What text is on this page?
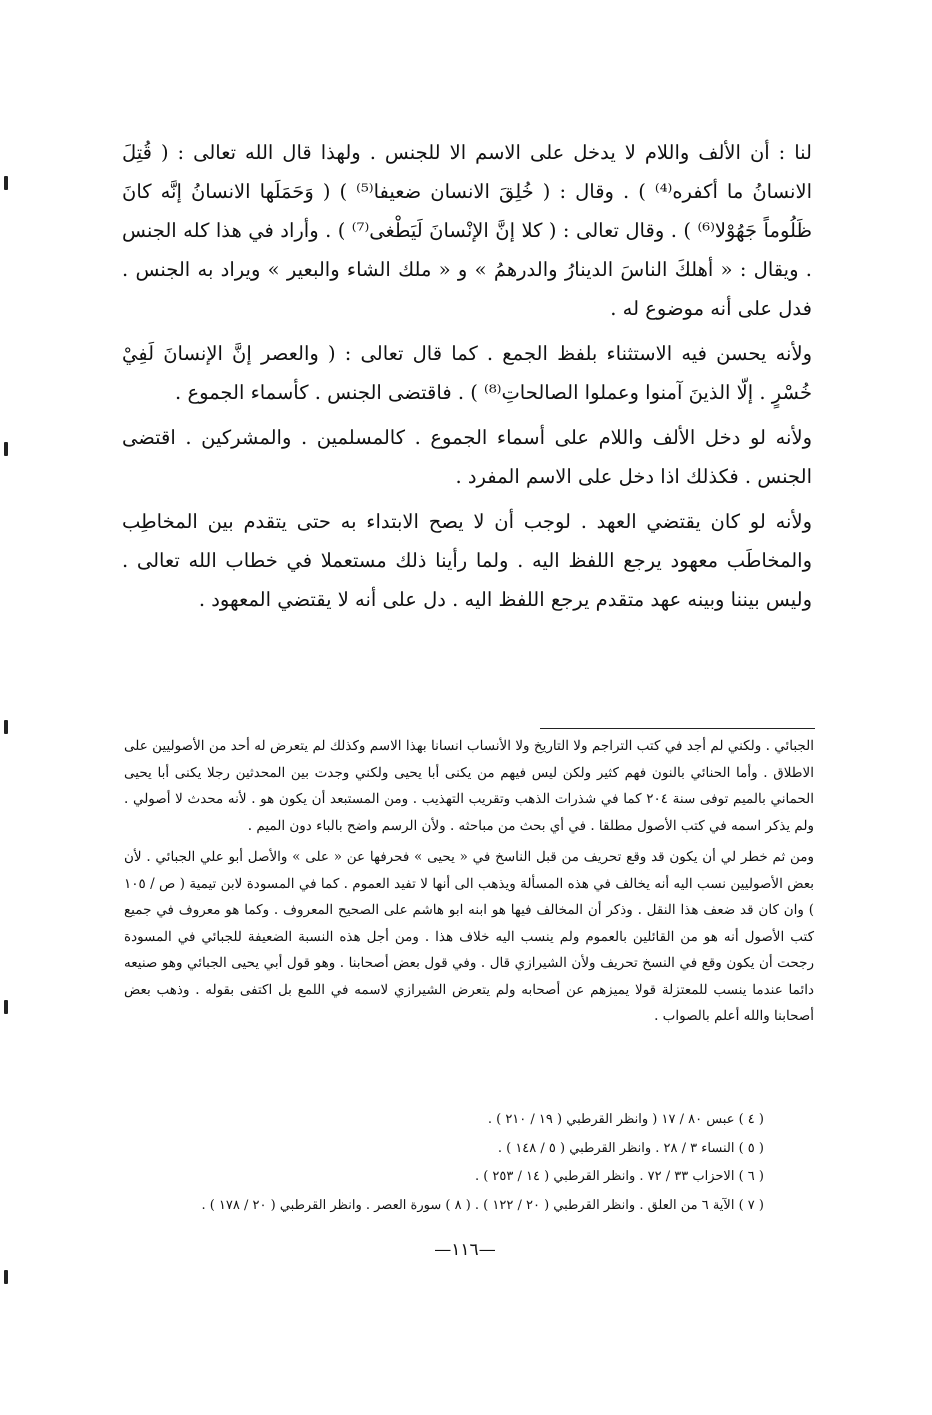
لنا : أن الألف واللام لا يدخل على الاسم الا للجنس . ولهذا قال الله تعالى : ( قُتِلَ الانسانُ ما أكفره⁽⁴⁾ ) . وقال : ( خُلِقَ الانسان ضعيفا⁽⁵⁾ ) ( وَحَمَلَها الانسانُ إنَّه كانَ ظَلُوماً جَهُوْلا⁽⁶⁾ ) . وقال تعالى : ( كلا إنَّ الإنْسانَ لَيَطْغى⁽⁷⁾ ) . وأراد في هذا كله الجنس . ويقال : « أهلكَ الناسَ الدينارُ والدرهمُ » و « ملك الشاء والبعير » ويراد به الجنس . فدل على أنه موضوع له .

ولأنه يحسن فيه الاستثناء بلفظ الجمع . كما قال تعالى : ( والعصر إنَّ الإنسانَ لَفِيْ خُسْرٍ . إلّا الذينَ آمنوا وعملوا الصالحاتِ⁽⁸⁾ ) . فاقتضى الجنس . كأسماء الجموع .

ولأنه لو دخل الألف واللام على أسماء الجموع . كالمسلمين . والمشركين . اقتضى الجنس . فكذلك اذا دخل على الاسم المفرد .

ولأنه لو كان يقتضي العهد . لوجب أن لا يصح الابتداء به حتى يتقدم بين المخاطِب والمخاطَب معهود يرجع اللفظ اليه . ولما رأينا ذلك مستعملا في خطاب الله تعالى . وليس بيننا وبينه عهد متقدم يرجع اللفظ اليه . دل على أنه لا يقتضي المعهود .

الجبائي . ولكني لم أجد في كتب التراجم ولا التاريخ ولا الأنساب انسانا بهذا الاسم وكذلك لم يتعرض له أحد من الأصوليين على الاطلاق . وأما الحنائي بالنون فهم كثير ولكن ليس فيهم من يكنى أبا يحيى ولكني وجدت بين المحدثين رجلا يكنى أبا يحيى الحماني بالميم توفى سنة ٢٠٤ كما في شذرات الذهب وتقريب التهذيب . ومن المستبعد أن يكون هو . لأنه محدث لا أصولي . ولم يذكر اسمه في كتب الأصول مطلقا . في أي بحث من مباحثه . ولأن الرسم واضح بالباء دون الميم .

ومن ثم خطر لي أن يكون قد وقع تحريف من قبل الناسخ في « يحيى » فحرفها عن « على » والأصل أبو علي الجبائي . لأن بعض الأصوليين نسب اليه أنه يخالف في هذه المسألة ويذهب الى أنها لا تفيد العموم . كما في المسودة لابن تيمية ( ص / ١٠٥ ) وان كان قد ضعف هذا النقل . وذكر أن المخالف فيها هو ابنه ابو هاشم على الصحيح المعروف . وكما هو معروف في جميع كتب الأصول أنه هو من القائلين بالعموم ولم ينسب اليه خلاف هذا . ومن أجل هذه النسبة الضعيفة للجبائي في المسودة رجحت أن يكون وقع في النسخ تحريف ولأن الشيرازي قال . وفي قول بعض أصحابنا . وهو قول أبي يحيى الجبائي وهو صنيعه دائما عندما ينسب للمعتزلة قولا يميزهم عن أصحابه ولم يتعرض الشيرازي لاسمه في اللمع بل اكتفى بقوله . وذهب بعض أصحابنا والله أعلم بالصواب .

( ٤ ) عبس ٨٠ / ١٧ ( وانظر القرطبي ( ١٩ / ٢١٠ ) .

( ٥ ) النساء ٣ / ٢٨ . وانظر القرطبي ( ٥ / ١٤٨ ) .

( ٦ ) الاحزاب ٣٣ / ٧٢ . وانظر القرطبي ( ١٤ / ٢٥٣ ) .

( ٧ ) الآية ٦ من العلق . وانظر القرطبي ( ٢٠ / ١٢٢ ) . ( ٨ ) سورة العصر . وانظر القرطبي ( ٢٠ / ١٧٨ ) .

—١١٦—
